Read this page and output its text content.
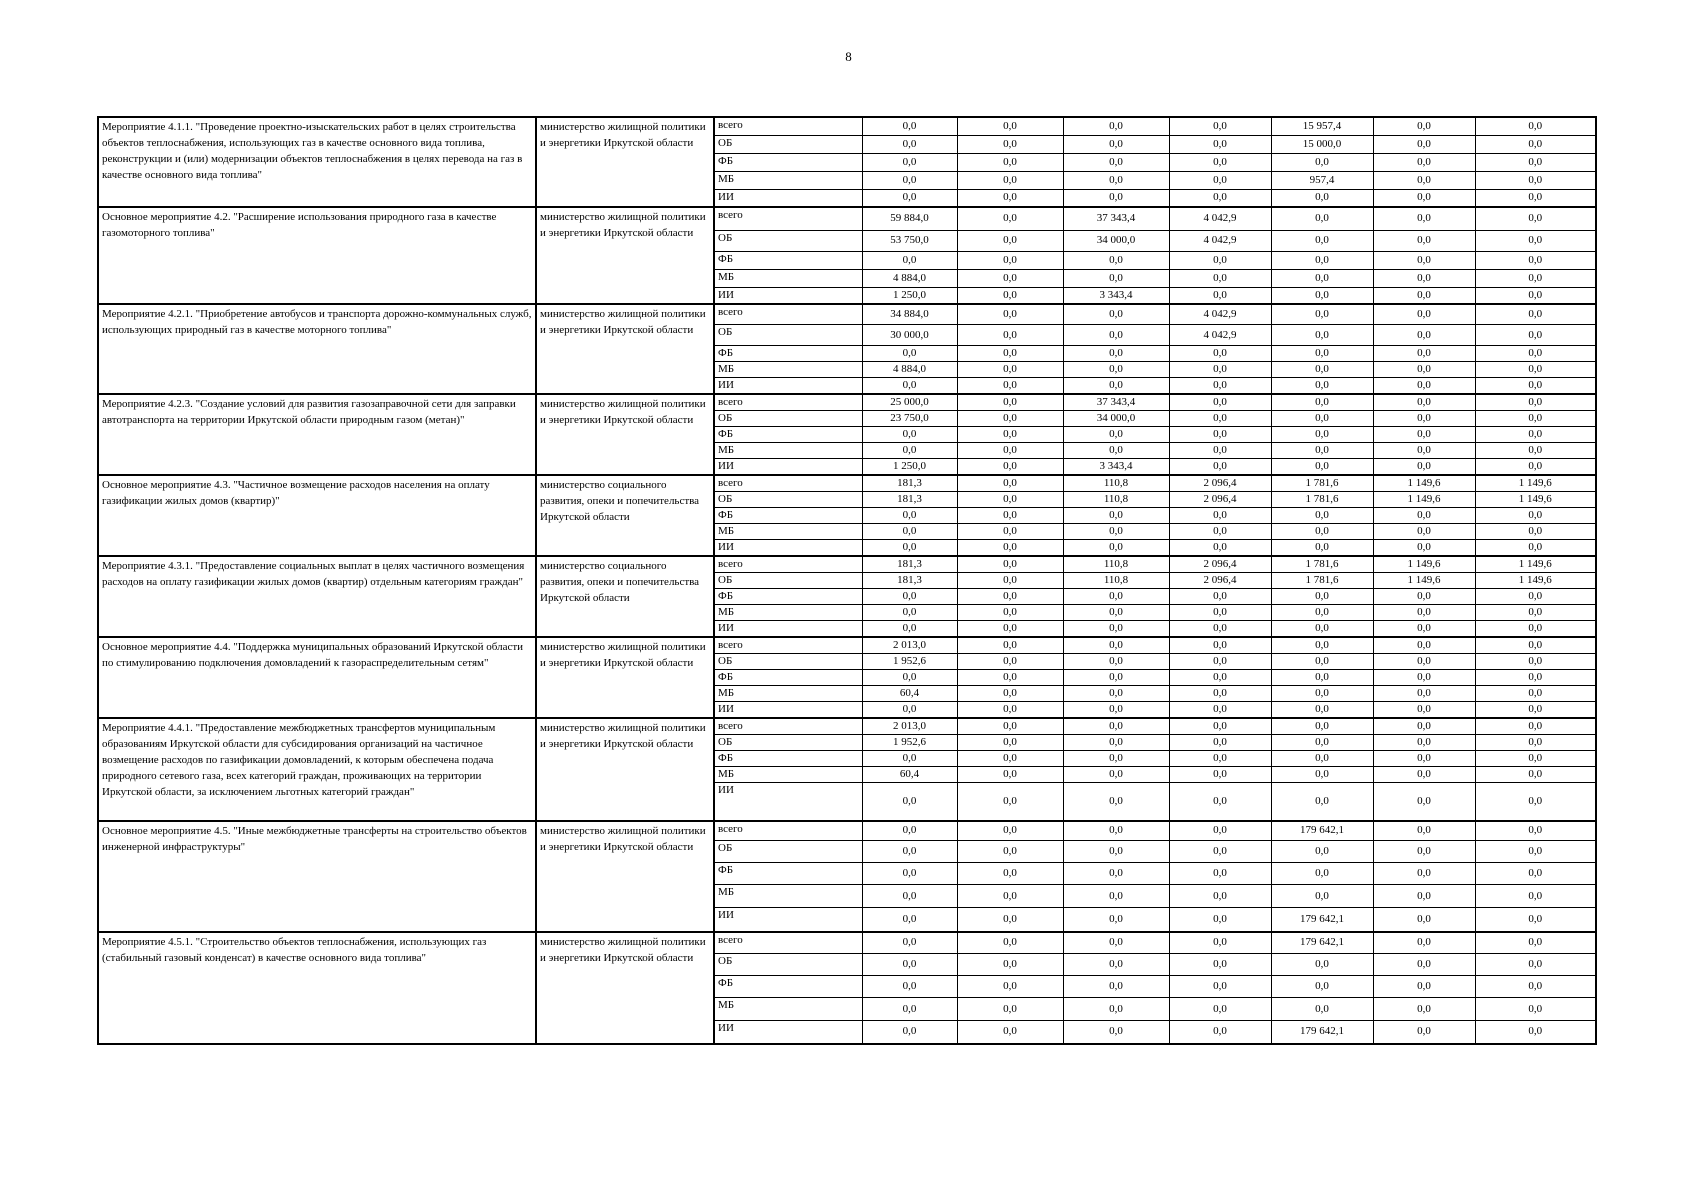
8
Мероприятие 4.1.1. "Проведение проектно-изыскательских работ в целях строительства объектов теплоснабжения, использующих газ в качестве основного вида топлива, реконструкции и (или) модернизации объектов теплоснабжения в целях перевода на газ в качестве основного вида топлива"	министерство жилищной политики и энергетики Иркутской области	всего	0,0	0,0	0,0	0,0	15 957,4	0,0	0,0
		ОБ	0,0	0,0	0,0	0,0	15 000,0	0,0	0,0
		ФБ	0,0	0,0	0,0	0,0	0,0	0,0	0,0
		МБ	0,0	0,0	0,0	0,0	957,4	0,0	0,0
		ИИ	0,0	0,0	0,0	0,0	0,0	0,0	0,0
Основное мероприятие 4.2. "Расширение использования природного газа в качестве газомоторного топлива"	министерство жилищной политики и энергетики Иркутской области	всего	59 884,0	0,0	37 343,4	4 042,9	0,0	0,0	0,0
		ОБ	53 750,0	0,0	34 000,0	4 042,9	0,0	0,0	0,0
		ФБ	0,0	0,0	0,0	0,0	0,0	0,0	0,0
		МБ	4 884,0	0,0	0,0	0,0	0,0	0,0	0,0
		ИИ	1 250,0	0,0	3 343,4	0,0	0,0	0,0	0,0
Мероприятие 4.2.1. "Приобретение автобусов и транспорта дорожно-коммунальных служб, использующих природный газ в качестве моторного топлива"	министерство жилищной политики и энергетики Иркутской области	всего	34 884,0	0,0	0,0	4 042,9	0,0	0,0	0,0
		ОБ	30 000,0	0,0	0,0	4 042,9	0,0	0,0	0,0
		ФБ	0,0	0,0	0,0	0,0	0,0	0,0	0,0
		МБ	4 884,0	0,0	0,0	0,0	0,0	0,0	0,0
		ИИ	0,0	0,0	0,0	0,0	0,0	0,0	0,0
Мероприятие 4.2.3. "Создание условий для развития газозаправочной сети для заправки автотранспорта на территории Иркутской области природным газом (метан)"	министерство жилищной политики и энергетики Иркутской области	всего	25 000,0	0,0	37 343,4	0,0	0,0	0,0	0,0
		ОБ	23 750,0	0,0	34 000,0	0,0	0,0	0,0	0,0
		ФБ	0,0	0,0	0,0	0,0	0,0	0,0	0,0
		МБ	0,0	0,0	0,0	0,0	0,0	0,0	0,0
		ИИ	1 250,0	0,0	3 343,4	0,0	0,0	0,0	0,0
Основное мероприятие 4.3. "Частичное возмещение расходов населения на оплату газификации жилых домов (квартир)"	министерство социального развития, опеки и попечительства Иркутской области	всего	181,3	0,0	110,8	2 096,4	1 781,6	1 149,6	1 149,6
		ОБ	181,3	0,0	110,8	2 096,4	1 781,6	1 149,6	1 149,6
		ФБ	0,0	0,0	0,0	0,0	0,0	0,0	0,0
		МБ	0,0	0,0	0,0	0,0	0,0	0,0	0,0
		ИИ	0,0	0,0	0,0	0,0	0,0	0,0	0,0
Мероприятие 4.3.1. "Предоставление социальных выплат в целях частичного возмещения расходов на оплату газификации жилых домов (квартир) отдельным категориям граждан"	министерство социального развития, опеки и попечительства Иркутской области	всего	181,3	0,0	110,8	2 096,4	1 781,6	1 149,6	1 149,6
		ОБ	181,3	0,0	110,8	2 096,4	1 781,6	1 149,6	1 149,6
		ФБ	0,0	0,0	0,0	0,0	0,0	0,0	0,0
		МБ	0,0	0,0	0,0	0,0	0,0	0,0	0,0
		ИИ	0,0	0,0	0,0	0,0	0,0	0,0	0,0
Основное мероприятие 4.4. "Поддержка муниципальных образований Иркутской области по стимулированию подключения домовладений к газораспределительным сетям"	министерство жилищной политики и энергетики Иркутской области	всего	2 013,0	0,0	0,0	0,0	0,0	0,0	0,0
		ОБ	1 952,6	0,0	0,0	0,0	0,0	0,0	0,0
		ФБ	0,0	0,0	0,0	0,0	0,0	0,0	0,0
		МБ	60,4	0,0	0,0	0,0	0,0	0,0	0,0
		ИИ	0,0	0,0	0,0	0,0	0,0	0,0	0,0
Мероприятие 4.4.1. "Предоставление межбюджетных трансфертов муниципальным образованиям Иркутской области для субсидирования организаций на частичное возмещение расходов по газификации домовладений, к которым обеспечена подача природного сетевого газа, всех категорий граждан, проживающих на территории Иркутской области, за исключением льготных категорий граждан"	министерство жилищной политики и энергетики Иркутской области	всего	2 013,0	0,0	0,0	0,0	0,0	0,0	0,0
		ОБ	1 952,6	0,0	0,0	0,0	0,0	0,0	0,0
		ФБ	0,0	0,0	0,0	0,0	0,0	0,0	0,0
		МБ	60,4	0,0	0,0	0,0	0,0	0,0	0,0
		ИИ	0,0	0,0	0,0	0,0	0,0	0,0	0,0
Основное мероприятие 4.5. "Иные межбюджетные трансферты на строительство объектов инженерной инфраструктуры"	министерство жилищной политики и энергетики Иркутской области	всего	0,0	0,0	0,0	0,0	179 642,1	0,0	0,0
		ОБ	0,0	0,0	0,0	0,0	0,0	0,0	0,0
		ФБ	0,0	0,0	0,0	0,0	0,0	0,0	0,0
		МБ	0,0	0,0	0,0	0,0	0,0	0,0	0,0
		ИИ	0,0	0,0	0,0	0,0	179 642,1	0,0	0,0
Мероприятие 4.5.1. "Строительство объектов теплоснабжения, использующих газ (стабильный газовый конденсат) в качестве основного вида топлива"	министерство жилищной политики и энергетики Иркутской области	всего	0,0	0,0	0,0	0,0	179 642,1	0,0	0,0
		ОБ	0,0	0,0	0,0	0,0	0,0	0,0	0,0
		ФБ	0,0	0,0	0,0	0,0	0,0	0,0	0,0
		МБ	0,0	0,0	0,0	0,0	0,0	0,0	0,0
		ИИ	0,0	0,0	0,0	0,0	179 642,1	0,0	0,0
